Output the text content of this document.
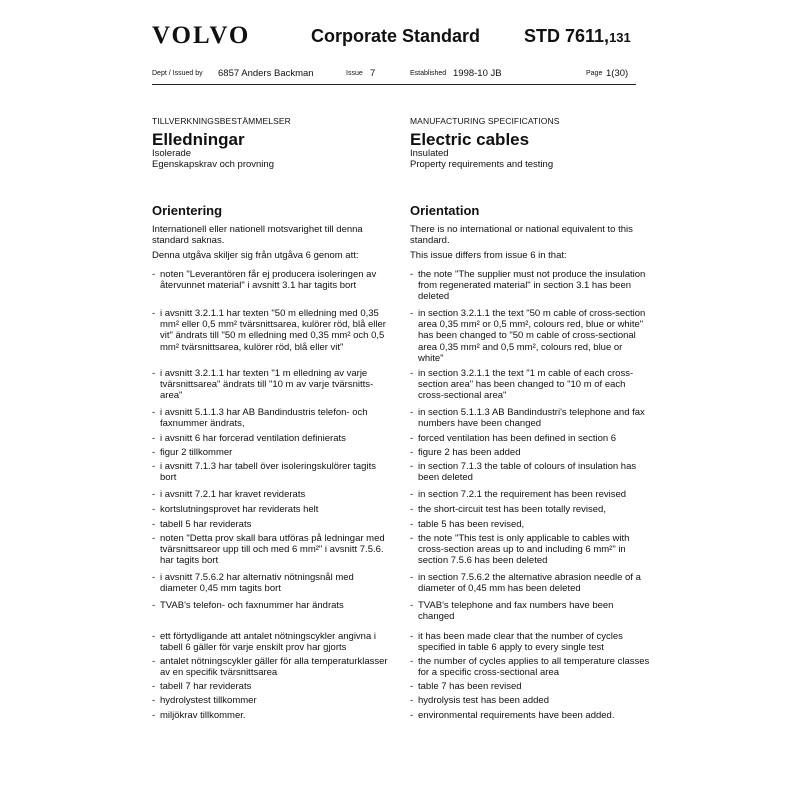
VOLVO	Corporate Standard STD 7611,131
Dept / Issued by 6857 Anders Backman	Issue 7	Established 1998-10 JB	Page 1(30)
TILLVERKNINGSBESTÄMMELSER
Elledningar
Isolerade
Egenskapskrav och provning
MANUFACTURING SPECIFICATIONS
Electric cables
Insulated
Property requirements and testing
Orientering	Orientation

Internationell eller nationell motsvarighet till denna standard saknas.

Denna utgåva skiljer sig från utgåva 6 genom att:

- noten "Leverantören får ej producera isoleringen av återvunnet material" i avsnitt 3.1 har tagits bort
- i avsnitt 3.2.1.1 har texten "50 m elledning med 0,35 mm² eller 0,5 mm² tvärsnittsarea, kulörer röd, blå eller vit" ändrats till "50 m elledning med 0,35 mm² och 0,5 mm² tvärsnittsarea, kulörer röd, blå eller vit"
- i avsnitt 3.2.1.1 har texten "1 m elledning av varje tvärsnittsarea" ändrats till "10 m av varje tvärsnitts-area"
- i avsnitt 5.1.1.3 har AB Bandindustris telefon- och faxnummer ändrats,
- i avsnitt 6 har forcerad ventilation definierats
- figur 2 tillkommer
- i avsnitt 7.1.3 har tabell över isoleringskulörer tagits bort
- i avsnitt 7.2.1 har kravet reviderats
- kortslutningsprovet har reviderats helt
- tabell 5 har reviderats
- noten "Detta prov skall bara utföras på ledningar med tvärsnittsareor upp till och med 6 mm²" i avsnitt 7.5.6. har tagits bort
- i avsnitt 7.5.6.2 har alternativ nötningsnål med diameter 0,45 mm tagits bort
- TVAB's telefon- och faxnummer har ändrats
- ett förtydligande att antalet nötningscykler angivna i tabell 6 gäller för varje enskilt prov har gjorts
- antalet nötningscykler gäller för alla temperaturklasser av en specifik tvärsnittsarea
- tabell 7 har reviderats
- hydrolystest tillkommer
- miljökrav tillkommer.

There is no international or national equivalent to this standard.

This issue differs from issue 6 in that:

- the note "The supplier must not produce the insulation from regenerated material" in section 3.1 has been deleted
- in section 3.2.1.1 the text "50 m cable of cross-section area 0,35 mm² or 0,5 mm², colours red, blue or white" has been changed to "50 m cable of cross-sectional area 0,35 mm² and 0,5 mm², colours red, blue or white"
- in section 3.2.1.1 the text "1 m cable of each cross-section area" has been changed to "10 m of each cross-sectional area"
- in section 5.1.1.3 AB Bandindustri's telephone and fax numbers have been changed
- forced ventilation has been defined in section 6
- figure 2 has been added
- in section 7.1.3 the table of colours of insulation has been deleted
- in section 7.2.1 the requirement has been revised
- the short-circuit test has been totally revised,
- table 5 has been revised,
- the note "This test is only applicable to cables with cross-section areas up to and including 6 mm²" in section 7.5.6 has been deleted
- in section 7.5.6.2 the alternative abrasion needle of a diameter of 0,45 mm has been deleted
- TVAB's telephone and fax numbers have been changed
- it has been made clear that the number of cycles specified in table 6 apply to every single test
- the number of cycles applies to all temperature classes for a specific cross-sectional area
- table 7 has been revised
- hydrolysis test has been added
- environmental requirements have been added.
